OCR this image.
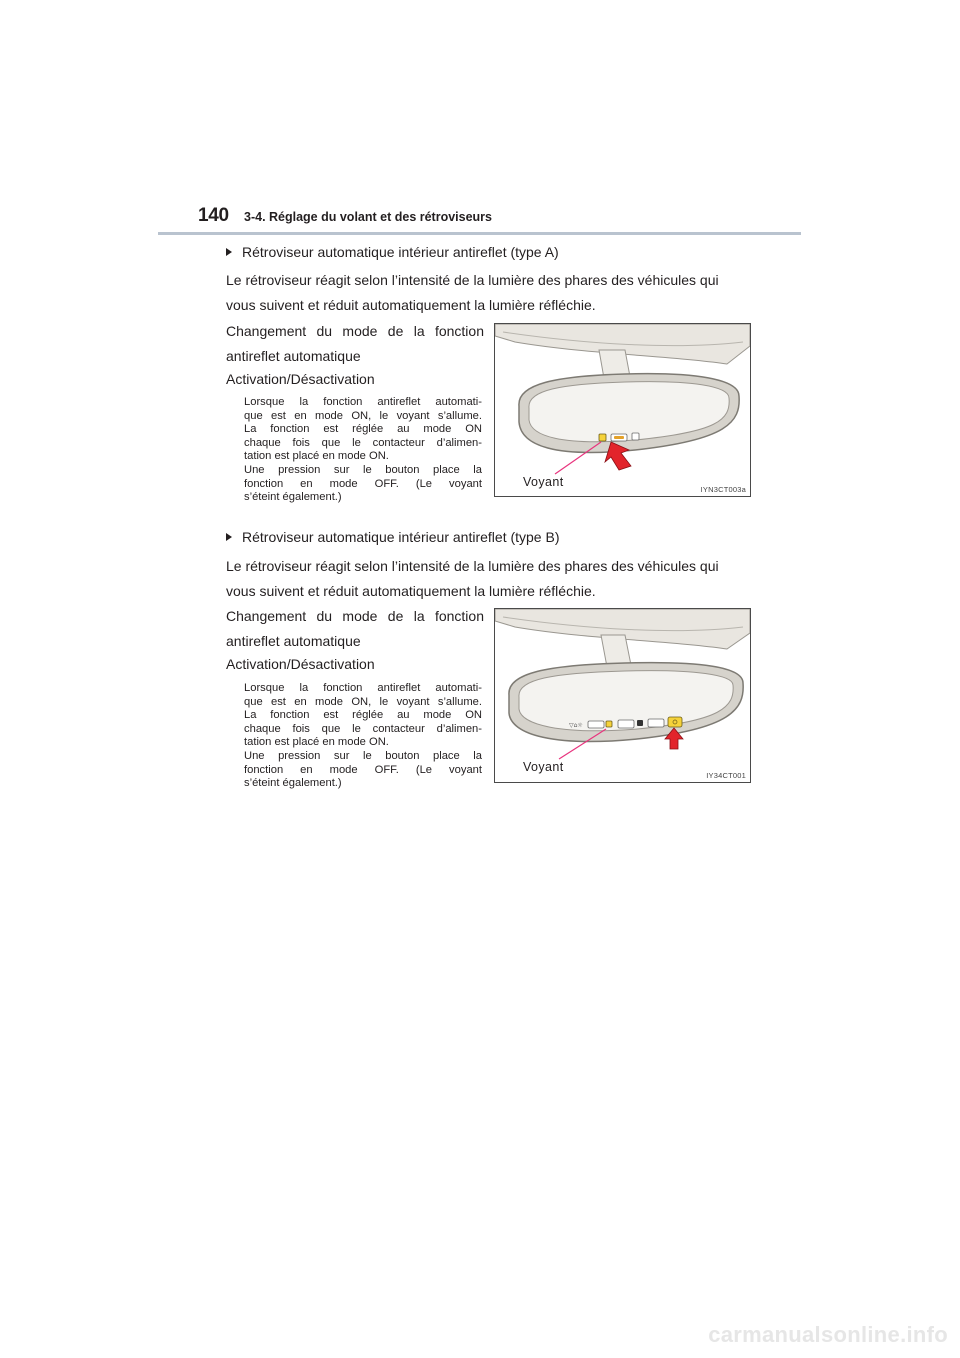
140 3-4. Réglage du volant et des rétroviseurs
Rétroviseur automatique intérieur antireflet (type A)
Le rétroviseur réagit selon l’intensité de la lumière des phares des véhicules qui
vous suivent et réduit automatiquement la lumière réfléchie.
Changement du mode de la fonction
antireflet automatique
Activation/Désactivation
Lorsque la fonction antireflet automati-
que est en mode ON, le voyant s’allume.
La fonction est réglée au mode ON
chaque fois que le contacteur d’alimen-
tation est placé en mode ON.
Une pression sur le bouton place la
fonction en mode OFF. (Le voyant
s’éteint également.)
Voyant
IYN3CT003a
Rétroviseur automatique intérieur antireflet (type B)
Le rétroviseur réagit selon l’intensité de la lumière des phares des véhicules qui
vous suivent et réduit automatiquement la lumière réfléchie.
Changement du mode de la fonction
antireflet automatique
Activation/Désactivation
Lorsque la fonction antireflet automati-
que est en mode ON, le voyant s’allume.
La fonction est réglée au mode ON
chaque fois que le contacteur d’alimen-
tation est placé en mode ON.
Une pression sur le bouton place la
fonction en mode OFF. (Le voyant
s’éteint également.)
▽⌂☼
Voyant
IY34CT001
carmanualsonline.info
